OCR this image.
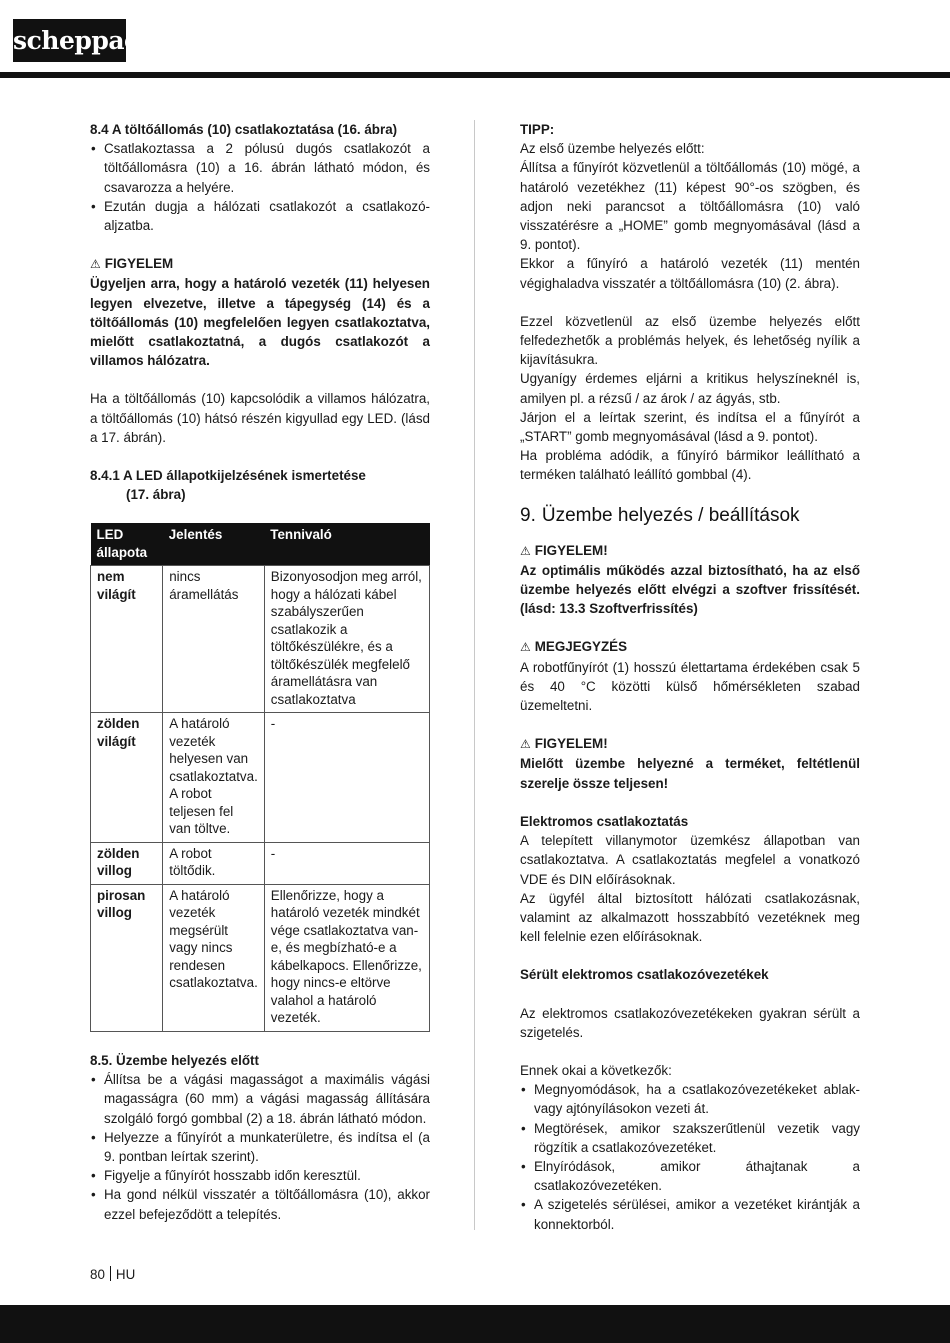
scheppach

8.4 A töltőállomás (10) csatlakoztatása (16. ábra)

• Csatlakoztassa a 2 pólusú dugós csatlakozót a töltőállomásra (10) a 16. ábrán látható módon, és csavarozza a helyére.
• Ezután dugja a hálózati csatlakozót a csatlakozó-aljzatba.

⚠ FIGYELEM

Ügyeljen arra, hogy a határoló vezeték (11) helyesen legyen elvezetve, illetve a tápegység (14) és a töltőállomás (10) megfelelően legyen csatlakoztatva, mielőtt csatlakoztatná, a dugós csatlakozót a villamos hálózatra.

Ha a töltőállomás (10) kapcsolódik a villamos hálózatra, a töltőállomás (10) hátsó részén kigyullad egy LED. (lásd a 17. ábrán).

8.4.1 A LED állapotkijelzésének ismertetése

(17. ábra)

LED állapota	Jelentés	Tennivaló
nem világít	nincs áramellátás	Bizonyosodjon meg arról, hogy a hálózati kábel szabályszerűen csatlakozik a töltőkészülékre, és a töltőkészülék megfelelő áramellátásra van csatlakoztatva
zölden világít	A határoló vezeték helyesen van csatlakoztatva. A robot teljesen fel van töltve.	-
zölden villog	A robot töltődik.	-
pirosan villog	A határoló vezeték megsérült vagy nincs rendesen csatlakoztatva.	Ellenőrizze, hogy a határoló vezeték mindkét vége csatlakoztatva van-e, és megbízható-e a kábelkapocs. Ellenőrizze, hogy nincs-e eltörve valahol a határoló vezeték.

8.5. Üzembe helyezés előtt

• Állítsa be a vágási magasságot a maximális vágási magasságra (60 mm) a vágási magasság állítására szolgáló forgó gombbal (2) a 18. ábrán látható módon.
• Helyezze a fűnyírót a munkaterületre, és indítsa el (a 9. pontban leírtak szerint).
• Figyelje a fűnyírót hosszabb időn keresztül.
• Ha gond nélkül visszatér a töltőállomásra (10), akkor ezzel befejeződött a telepítés.

TIPP:

Az első üzembe helyezés előtt:

Állítsa a fűnyírót közvetlenül a töltőállomás (10) mögé, a határoló vezetékhez (11) képest 90°-os szögben, és adjon neki parancsot a töltőállomásra (10) való visszatérésre a „HOME” gomb megnyomásával (lásd a 9. pontot).

Ekkor a fűnyíró a határoló vezeték (11) mentén végighaladva visszatér a töltőállomásra (10) (2. ábra).

Ezzel közvetlenül az első üzembe helyezés előtt felfedezhetők a problémás helyek, és lehetőség nyílik a kijavításukra.

Ugyanígy érdemes eljárni a kritikus helyszíneknél is, amilyen pl. a rézsű / az árok / az ágyás, stb.

Járjon el a leírtak szerint, és indítsa el a fűnyírót a „START” gomb megnyomásával (lásd a 9. pontot).

Ha probléma adódik, a fűnyíró bármikor leállítható a terméken található leállító gombbal (4).

9. Üzembe helyezés / beállítások

⚠ FIGYELEM!

Az optimális működés azzal biztosítható, ha az első üzembe helyezés előtt elvégzi a szoftver frissítését. (lásd: 13.3 Szoftverfrissítés)

⚠ MEGJEGYZÉS

A robotfűnyírót (1) hosszú élettartama érdekében csak 5 és 40 °C közötti külső hőmérsékleten szabad üzemeltetni.

⚠ FIGYELEM!

Mielőtt üzembe helyezné a terméket, feltétlenül szerelje össze teljesen!

Elektromos csatlakoztatás

A telepített villanymotor üzemkész állapotban van csatlakoztatva. A csatlakoztatás megfelel a vonatkozó VDE és DIN előírásoknak.

Az ügyfél által biztosított hálózati csatlakozásnak, valamint az alkalmazott hosszabbító vezetéknek meg kell felelnie ezen előírásoknak.

Sérült elektromos csatlakozóvezetékek

Az elektromos csatlakozóvezetékeken gyakran sérült a szigetelés.

Ennek okai a következők:

• Megnyomódások, ha a csatlakozóvezetékeket ablak- vagy ajtónyílásokon vezeti át.
• Megtörések, amikor szakszerűtlenül vezetik vagy rögzítik a csatlakozóvezetéket.
• Elnyíródások, amikor áthajtanak a csatlakozóvezetéken.
• A szigetelés sérülései, amikor a vezetéket kirántják a konnektorból.
80 HU
